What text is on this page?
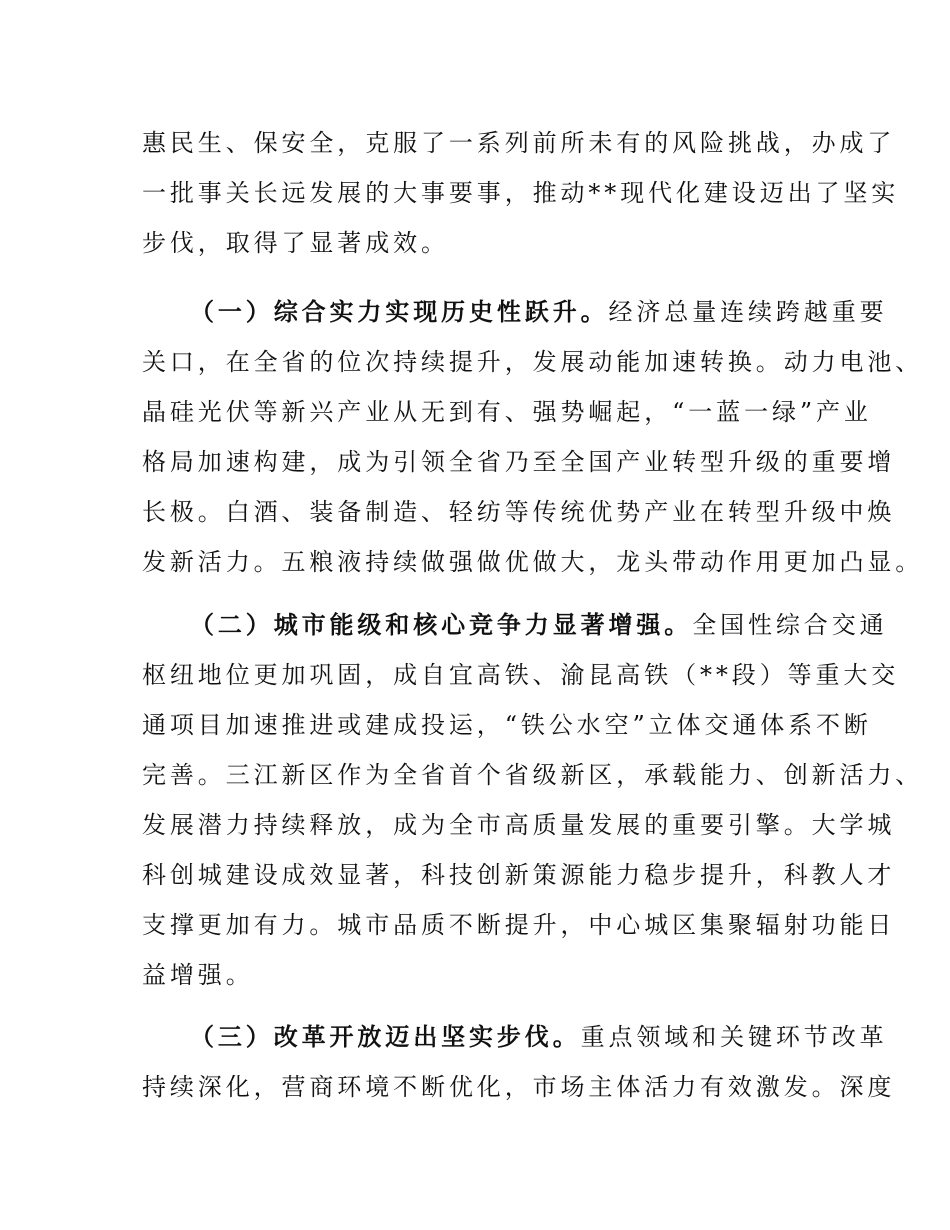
惠民生、保安全，克服了一系列前所未有的风险挑战，办成了
一批事关长远发展的大事要事，推动**现代化建设迈出了坚实
步伐，取得了显著成效。
（一）综合实力实现历史性跃升。经济总量连续跨越重要
关口，在全省的位次持续提升，发展动能加速转换。动力电池、
晶硅光伏等新兴产业从无到有、强势崛起，“一蓝一绿”产业
格局加速构建，成为引领全省乃至全国产业转型升级的重要增
长极。白酒、装备制造、轻纺等传统优势产业在转型升级中焕
发新活力。五粮液持续做强做优做大，龙头带动作用更加凸显。
（二）城市能级和核心竞争力显著增强。全国性综合交通
枢纽地位更加巩固，成自宜高铁、渝昆高铁（**段）等重大交
通项目加速推进或建成投运，“铁公水空”立体交通体系不断
完善。三江新区作为全省首个省级新区，承载能力、创新活力、
发展潜力持续释放，成为全市高质量发展的重要引擎。大学城
科创城建设成效显著，科技创新策源能力稳步提升，科教人才
支撑更加有力。城市品质不断提升，中心城区集聚辐射功能日
益增强。
（三）改革开放迈出坚实步伐。重点领域和关键环节改革
持续深化，营商环境不断优化，市场主体活力有效激发。深度
